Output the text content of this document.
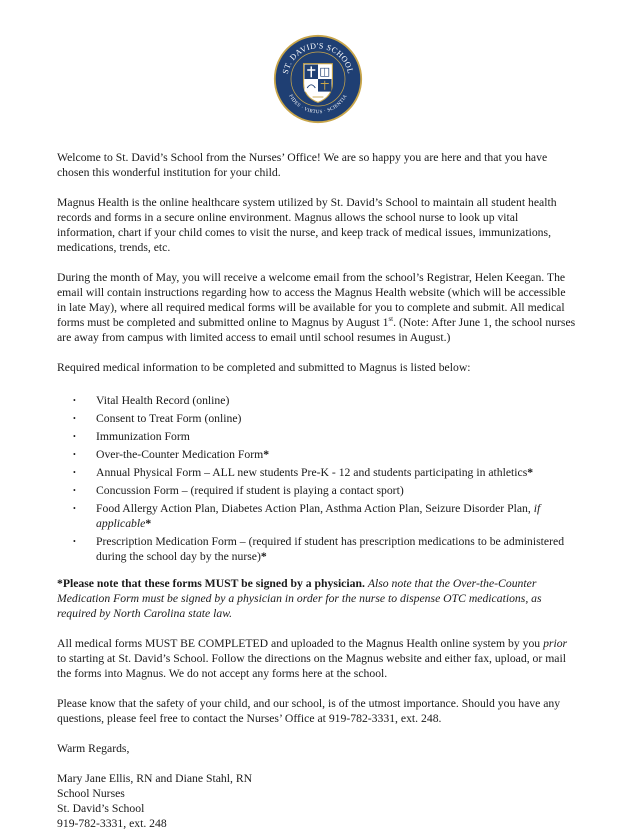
ST. DAVID'S SCHOOL
FIDES · VIRTUS · SCIENTIA

Welcome to St. David’s School from the Nurses’ Office! We are so happy you are here and that you have chosen this wonderful institution for your child.

Magnus Health is the online healthcare system utilized by St. David’s School to maintain all student health records and forms in a secure online environment. Magnus allows the school nurse to look up vital information, chart if your child comes to visit the nurse, and keep track of medical issues, immunizations, medications, trends, etc.

During the month of May, you will receive a welcome email from the school’s Registrar, Helen Keegan. The email will contain instructions regarding how to access the Magnus Health website (which will be accessible in late May), where all required medical forms will be available for you to complete and submit. All medical forms must be completed and submitted online to Magnus by August 1st. (Note: After June 1, the school nurses are away from campus with limited access to email until school resumes in August.)

Required medical information to be completed and submitted to Magnus is listed below:

• Vital Health Record (online)
• Consent to Treat Form (online)
• Immunization Form
• Over-the-Counter Medication Form*
• Annual Physical Form – ALL new students Pre-K - 12 and students participating in athletics*
• Concussion Form – (required if student is playing a contact sport)
• Food Allergy Action Plan, Diabetes Action Plan, Asthma Action Plan, Seizure Disorder Plan, if applicable*
• Prescription Medication Form – (required if student has prescription medications to be administered during the school day by the nurse)*

*Please note that these forms MUST be signed by a physician. Also note that the Over-the-Counter Medication Form must be signed by a physician in order for the nurse to dispense OTC medications, as required by North Carolina state law.

All medical forms MUST BE COMPLETED and uploaded to the Magnus Health online system by you prior to starting at St. David’s School. Follow the directions on the Magnus website and either fax, upload, or mail the forms into Magnus. We do not accept any forms here at the school.

Please know that the safety of your child, and our school, is of the utmost importance. Should you have any questions, please feel free to contact the Nurses’ Office at 919-782-3331, ext. 248.

Warm Regards,

Mary Jane Ellis, RN and Diane Stahl, RN

School Nurses

St. David’s School

919-782-3331, ext. 248
